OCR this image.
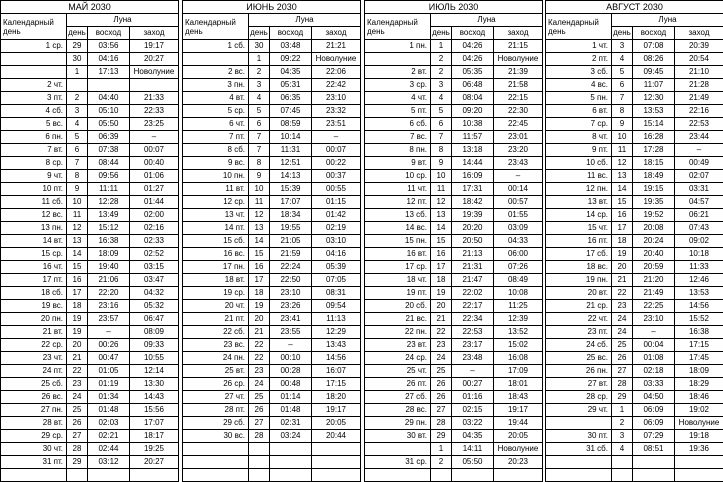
МАЙ 2030			
Календарный
день	Луна		
	день	восход	заход
1 ср.	29	03:56	19:17
	30	04:16	20:27
	1	17:13	Новолуние
2 чт.			
3 пт.	2	04:40	21:33
4 сб.	3	05:10	22:33
5 вс.	4	05:50	23:25
6 пн.	5	06:39	–
7 вт.	6	07:38	00:07
8 ср.	7	08:44	00:40
9 чт.	8	09:56	01:06
10 пт.	9	11:11	01:27
11 сб.	10	12:28	01:44
12 вс.	11	13:49	02:00
13 пн.	12	15:12	02:16
14 вт.	13	16:38	02:33
15 ср.	14	18:09	02:52
16 чт.	15	19:40	03:15
17 пт.	16	21:06	03:47
18 сб.	17	22:20	04:32
19 вс.	18	23:16	05:32
20 пн.	19	23:57	06:47
21 вт.	19	–	08:09
22 ср.	20	00:26	09:33
23 чт.	21	00:47	10:55
24 пт.	22	01:05	12:14
25 сб.	23	01:19	13:30
26 вс.	24	01:34	14:43
27 пн.	25	01:48	15:56
28 вт.	26	02:03	17:07
29 ср.	27	02:21	18:17
30 чт.	28	02:44	19:25
31 пт.	29	03:12	20:27

ИЮНЬ 2030			
Календарный
день	Луна		
	день	восход	заход
1 сб.	30	03:48	21:21
	1	09:22	Новолуние
2 вс.	2	04:35	22:06
3 пн.	3	05:31	22:42
4 вт.	4	06:35	23:10
5 ср.	5	07:45	23:32
6 чт.	6	08:59	23:51
7 пт.	7	10:14	–
8 сб.	7	11:31	00:07
9 вс.	8	12:51	00:22
10 пн.	9	14:13	00:37
11 вт.	10	15:39	00:55
12 ср.	11	17:07	01:15
13 чт.	12	18:34	01:42
14 пт.	13	19:55	02:19
15 сб.	14	21:05	03:10
16 вс.	15	21:59	04:16
17 пн.	16	22:24	05:39
18 вт.	17	22:50	07:05
19 ср.	18	23:10	08:31
20 чт.	19	23:26	09:54
21 пт.	20	23:41	11:13
22 сб.	21	23:55	12:29
23 вс.	22	–	13:43
24 пн.	22	00:10	14:56
25 вт.	23	00:28	16:07
26 ср.	24	00:48	17:15
27 чт.	25	01:14	18:20
28 пт.	26	01:48	19:17
29 сб.	27	02:31	20:05
30 вс.	28	03:24	20:44

ИЮЛЬ 2030			
Календарный
день	Луна		
	день	восход	заход
1 пн.	1	04:26	21:15
	2	04:26	Новолуние
2 вт.	2	05:35	21:39
3 ср.	3	06:48	21:58
4 чт.	4	08:04	22:15
5 пт.	5	09:20	22:30
6 сб.	6	10:38	22:45
7 вс.	7	11:57	23:01
8 пн.	8	13:18	23:20
9 вт.	9	14:44	23:43
10 ср.	10	16:09	–
11 чт.	11	17:31	00:14
12 пт.	12	18:42	00:57
13 сб.	13	19:39	01:55
14 вс.	14	20:20	03:09
15 пн.	15	20:50	04:33
16 вт.	16	21:13	06:00
17 ср.	17	21:31	07:26
18 чт.	18	21:47	08:49
19 пт.	19	22:02	10:08
20 сб.	20	22:17	11:25
21 вс.	21	22:34	12:39
22 пн.	22	22:53	13:52
23 вт.	23	23:17	15:02
24 ср.	24	23:48	16:08
25 чт.	25	–	17:09
26 пт.	26	00:27	18:01
27 сб.	26	01:16	18:43
28 вс.	27	02:15	19:17
29 пн.	28	03:22	19:44
30 вт.	29	04:35	20:05
	1	14:11	Новолуние
31 ср.	2	05:50	20:23

АВГУСТ 2030			
Календарный
день	Луна		
	день	восход	заход
1 чт.	3	07:08	20:39
2 пт.	4	08:26	20:54
3 сб.	5	09:45	21:10
4 вс.	6	11:07	21:28
5 пн.	7	12:30	21:49
6 вт.	8	13:53	22:16
7 ср.	9	15:14	22:53
8 чт.	10	16:28	23:44
9 пт.	11	17:28	–
10 сб.	12	18:15	00:49
11 вс.	13	18:49	02:07
12 пн.	14	19:15	03:31
13 вт.	15	19:35	04:57
14 ср.	16	19:52	06:21
15 чт.	17	20:08	07:43
16 пт.	18	20:24	09:02
17 сб.	19	20:40	10:18
18 вс.	20	20:59	11:33
19 пн.	21	21:20	12:46
20 вт.	22	21:49	13:53
21 ср.	23	22:25	14:56
22 чт.	24	23:10	15:52
23 пт.	24	–	16:38
24 сб.	25	00:04	17:15
25 вс.	26	01:08	17:45
26 пн.	27	02:18	18:09
27 вт.	28	03:33	18:29
28 ср.	29	04:50	18:46
29 чт.	1	06:09	19:02
	2	06:09	Новолуние
30 пт.	3	07:29	19:18
31 сб.	4	08:51	19:36
